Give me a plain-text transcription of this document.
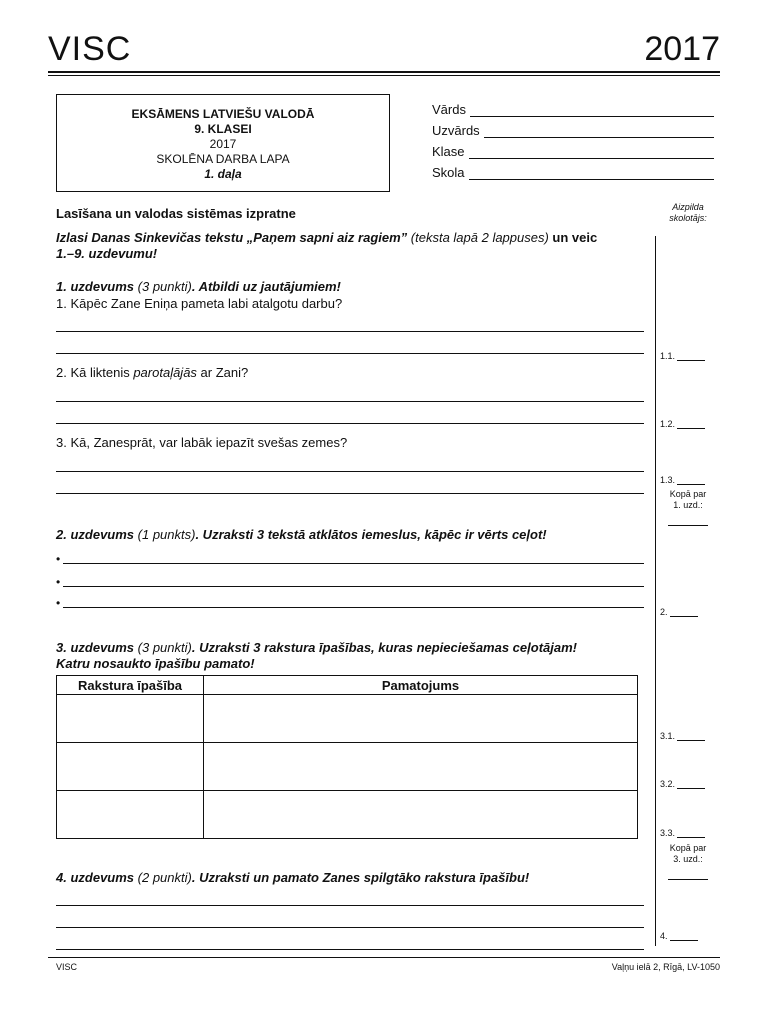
VISC	2017
EKSĀMENS LATVIEŠU VALODĀ
9. KLASEI
2017
SKOLĒNA DARBA LAPA
1. daļa
Vārds
Uzvārds
Klase
Skola
Aizpilda
skolotājs:
1.1.
1.2.
1.3.
Kopā par
1. uzd.:
2.
3.1.
3.2.
3.3.
Kopā par
3. uzd.:
4.
Lasīšana un valodas sistēmas izpratne
Izlasi Danas Sinkevičas tekstu „Paņem sapni aiz ragiem” (teksta lapā 2 lappuses) un veic
1.–9. uzdevumu!
1. uzdevums (3 punkti). Atbildi uz jautājumiem!
1. Kāpēc Zane Eniņa pameta labi atalgotu darbu?
2. Kā liktenis parotaļājās ar Zani?
3. Kā, Zanesprāt, var labāk iepazīt svešas zemes?
2. uzdevums (1 punkts). Uzraksti 3 tekstā atklātos iemeslus, kāpēc ir vērts ceļot!
•
•
•
3. uzdevums (3 punkti). Uzraksti 3 rakstura īpašības, kuras nepieciešamas ceļotājam!
Katru nosaukto īpašību pamato!
Rakstura īpašība	Pamatojums

4. uzdevums (2 punkti). Uzraksti un pamato Zanes spilgtāko rakstura īpašību!
VISC	Vaļņu ielā 2, Rīgā, LV-1050
